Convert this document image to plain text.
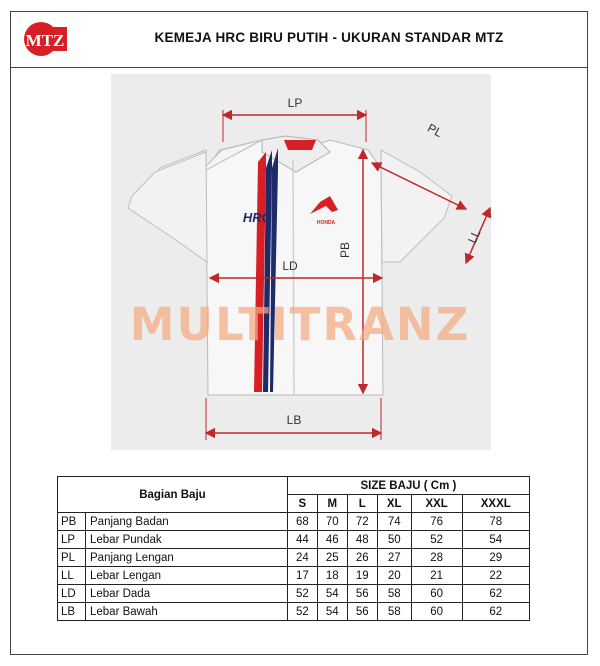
MTZ	KEMEJA HRC BIRU PUTIH - UKURAN STANDAR MTZ
HRC	HONDA
LP
PL
LL
PB
LD
LB
MULTITRANZ
Bagian Baju		SIZE BAJU ( Cm )					
		S	M	L	XL	XXL	XXXL
PB	Panjang Badan	68	70	72	74	76	78
LP	Lebar Pundak	44	46	48	50	52	54
PL	Panjang Lengan	24	25	26	27	28	29
LL	Lebar Lengan	17	18	19	20	21	22
LD	Lebar Dada	52	54	56	58	60	62
LB	Lebar Bawah	52	54	56	58	60	62
